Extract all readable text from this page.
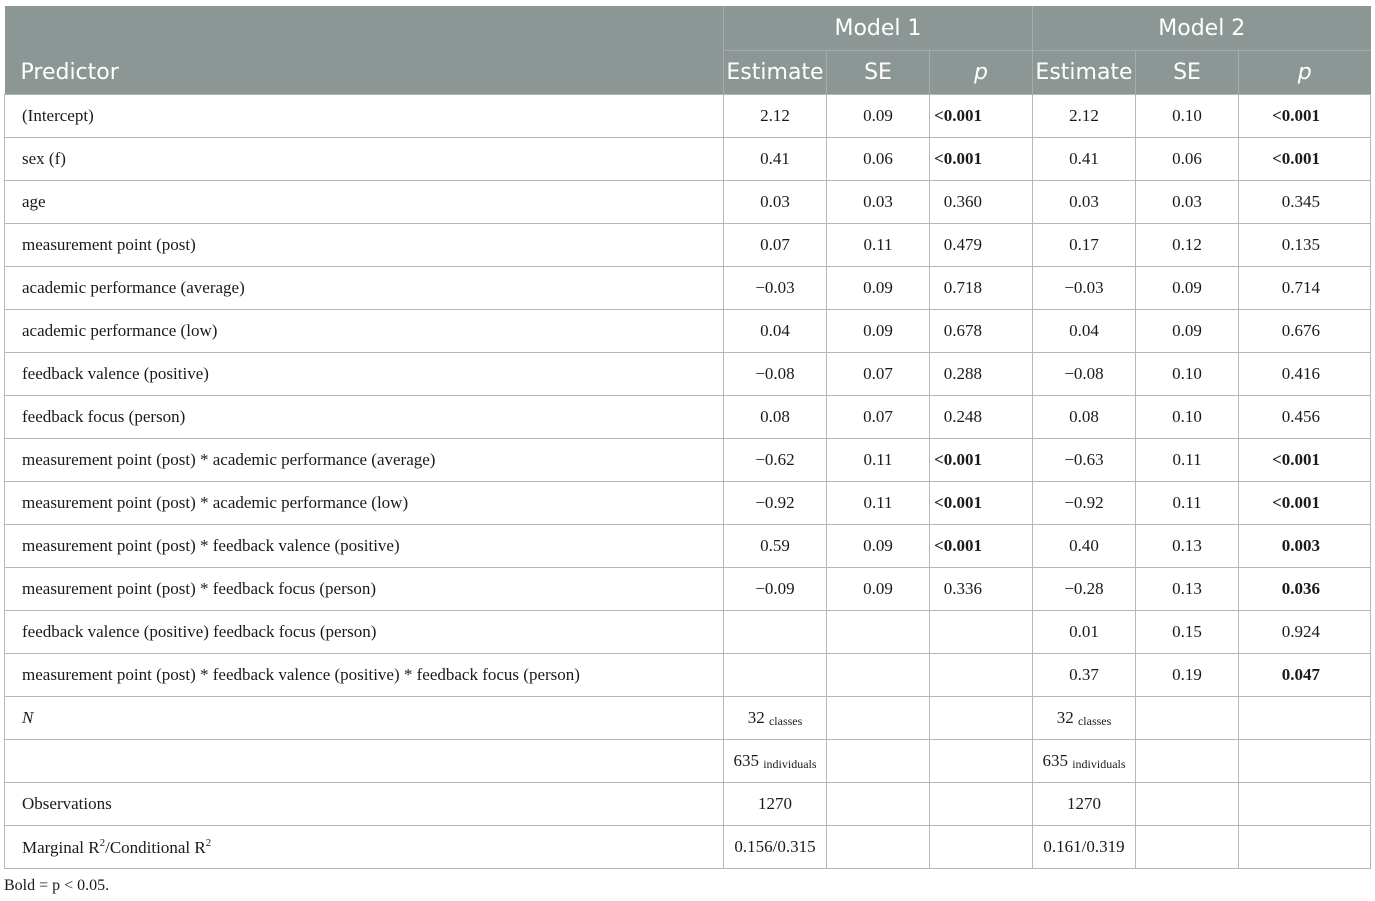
	Model 1			Model 2		
Predictor	Estimate	SE	p	Estimate	SE	p
(Intercept)	2.12	0.09	<0.001	2.12	0.10	<0.001
sex (f)	0.41	0.06	<0.001	0.41	0.06	<0.001
age	0.03	0.03	0.360	0.03	0.03	0.345
measurement point (post)	0.07	0.11	0.479	0.17	0.12	0.135
academic performance (average)	−0.03	0.09	0.718	−0.03	0.09	0.714
academic performance (low)	0.04	0.09	0.678	0.04	0.09	0.676
feedback valence (positive)	−0.08	0.07	0.288	−0.08	0.10	0.416
feedback focus (person)	0.08	0.07	0.248	0.08	0.10	0.456
measurement point (post) * academic performance (average)	−0.62	0.11	<0.001	−0.63	0.11	<0.001
measurement point (post) * academic performance (low)	−0.92	0.11	<0.001	−0.92	0.11	<0.001
measurement point (post) * feedback valence (positive)	0.59	0.09	<0.001	0.40	0.13	0.003
measurement point (post) * feedback focus (person)	−0.09	0.09	0.336	−0.28	0.13	0.036
feedback valence (positive) feedback focus (person)				0.01	0.15	0.924
measurement point (post) * feedback valence (positive) * feedback focus (person)				0.37	0.19	0.047
N	32 classes			32 classes		
	635 individuals			635 individuals		
Observations	1270			1270		
Marginal $R^2$/Conditional $R^2$	0.156/0.315			0.161/0.319		
Bold = p < 0.05.
